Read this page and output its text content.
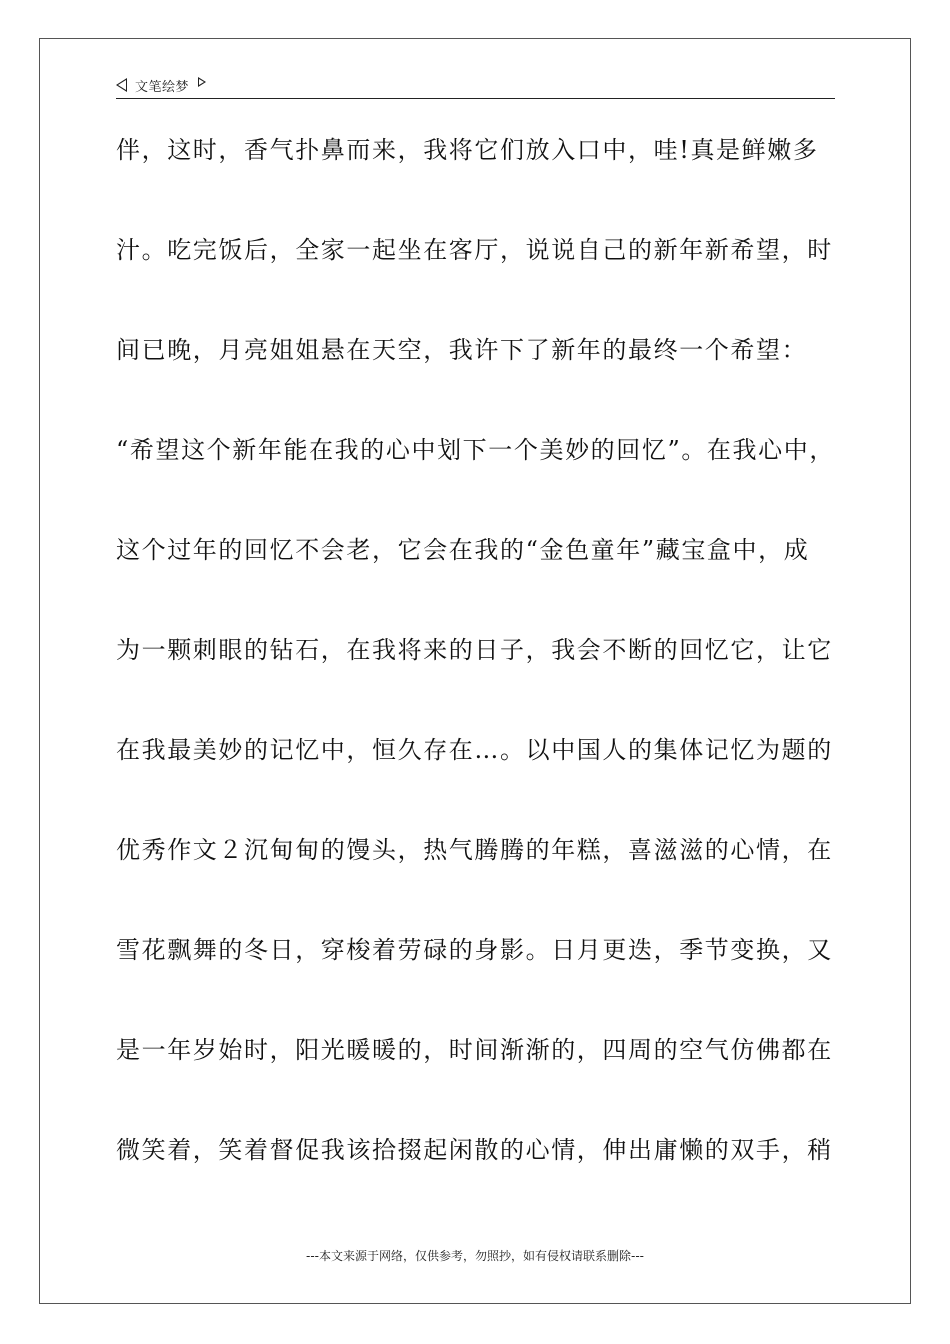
文笔绘梦
伴，这时，香气扑鼻而来，我将它们放入口中，哇!真是鲜嫩多
汁。吃完饭后，全家一起坐在客厅，说说自己的新年新希望，时
间已晚，月亮姐姐悬在天空，我许下了新年的最终一个希望：
“希望这个新年能在我的心中划下一个美妙的回忆”。在我心中，
这个过年的回忆不会老，它会在我的“金色童年”藏宝盒中，成
为一颗刺眼的钻石，在我将来的日子，我会不断的回忆它，让它
在我最美妙的记忆中，恒久存在…。以中国人的集体记忆为题的
优秀作文２沉甸甸的馒头，热气腾腾的年糕，喜滋滋的心情，在
雪花飘舞的冬日，穿梭着劳碌的身影。日月更迭，季节变换，又
是一年岁始时，阳光暖暖的，时间渐渐的，四周的空气仿佛都在
微笑着，笑着督促我该拾掇起闲散的心情，伸出庸懒的双手，稍
---本文来源于网络，仅供参考，勿照抄，如有侵权请联系删除---
